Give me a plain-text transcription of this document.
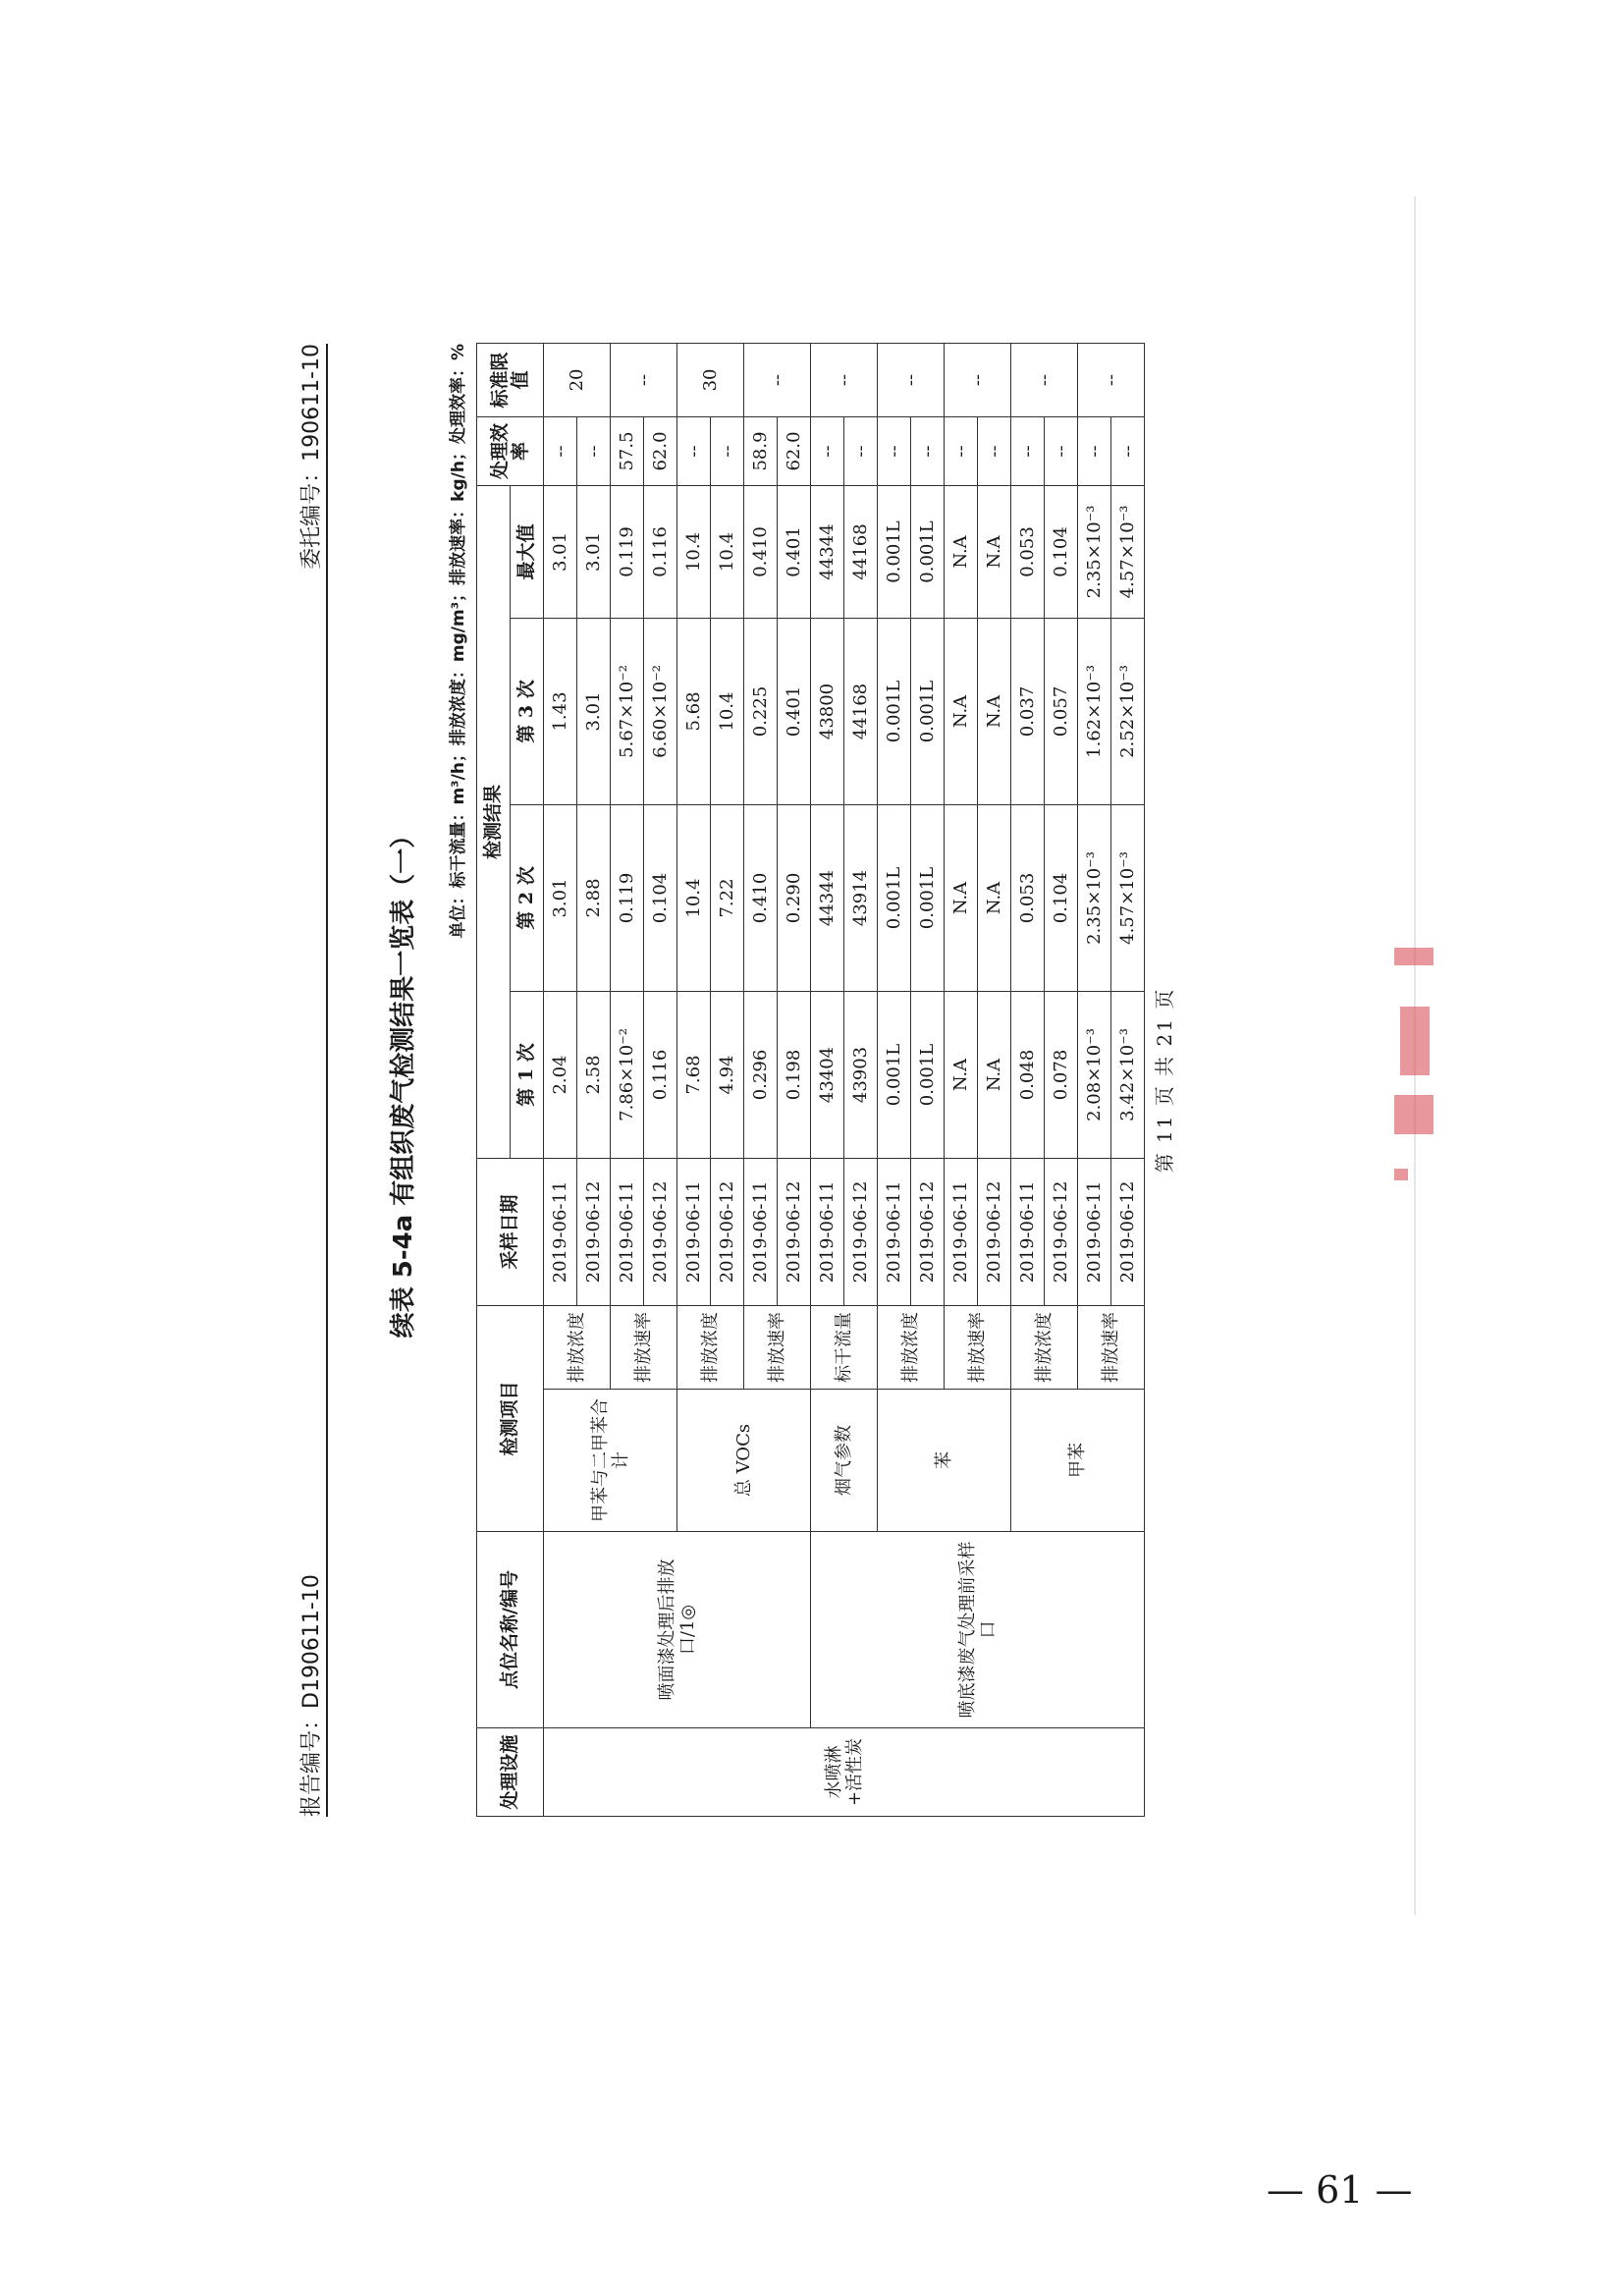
报告编号：D190611-10
委托编号：190611-10
续表 5-4a 有组织废气检测结果一览表（一）
单位：标干流量：m³/h；排放浓度：mg/m³；排放速率：kg/h；处理效率：%
处理设施	点位名称/编号	检测项目		采样日期	检测结果				处理效率	标准限值
					第 1 次	第 2 次	第 3 次	最大值		
水喷淋+活性炭	喷面漆处理后排放口/1◎	甲苯与二甲苯合计	排放浓度	2019-06-11	2.04	3.01	1.43	3.01	--	20
				2019-06-12	2.58	2.88	3.01	3.01	--	
			排放速率	2019-06-11	7.86×10⁻²	0.119	5.67×10⁻²	0.119	57.5	--
				2019-06-12	0.116	0.104	6.60×10⁻²	0.116	62.0	
		总 VOCs	排放浓度	2019-06-11	7.68	10.4	5.68	10.4	--	30
				2019-06-12	4.94	7.22	10.4	10.4	--	
			排放速率	2019-06-11	0.296	0.410	0.225	0.410	58.9	--
				2019-06-12	0.198	0.290	0.401	0.401	62.0	
	喷底漆废气处理前采样口	烟气参数	标干流量	2019-06-11	43404	44344	43800	44344	--	--
				2019-06-12	43903	43914	44168	44168	--	
		苯	排放浓度	2019-06-11	0.001L	0.001L	0.001L	0.001L	--	--
				2019-06-12	0.001L	0.001L	0.001L	0.001L	--	
			排放速率	2019-06-11	N.A	N.A	N.A	N.A	--	--
				2019-06-12	N.A	N.A	N.A	N.A	--	
		甲苯	排放浓度	2019-06-11	0.048	0.053	0.037	0.053	--	--
				2019-06-12	0.078	0.104	0.057	0.104	--	
			排放速率	2019-06-11	2.08×10⁻³	2.35×10⁻³	1.62×10⁻³	2.35×10⁻³	--	--
				2019-06-12	3.42×10⁻³	4.57×10⁻³	2.52×10⁻³	4.57×10⁻³	--	
第 11 页 共 21 页
— 61 —
